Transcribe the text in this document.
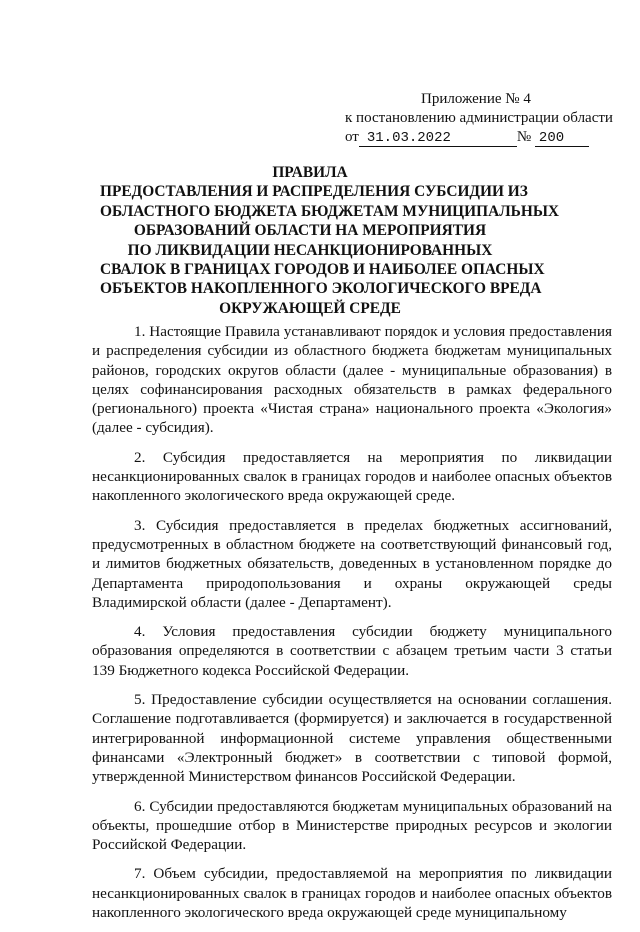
Приложение № 4
к постановлению администрации области
от 31.03.2022	№ 200
ПРАВИЛА
ПРЕДОСТАВЛЕНИЯ И РАСПРЕДЕЛЕНИЯ СУБСИДИИ ИЗ
ОБЛАСТНОГО БЮДЖЕТА БЮДЖЕТАМ МУНИЦИПАЛЬНЫХ
ОБРАЗОВАНИЙ ОБЛАСТИ НА МЕРОПРИЯТИЯ
ПО ЛИКВИДАЦИИ НЕСАНКЦИОНИРОВАННЫХ
СВАЛОК В ГРАНИЦАХ ГОРОДОВ И НАИБОЛЕЕ ОПАСНЫХ
ОБЪЕКТОВ НАКОПЛЕННОГО ЭКОЛОГИЧЕСКОГО ВРЕДА
ОКРУЖАЮЩЕЙ СРЕДЕ

1. Настоящие Правила устанавливают порядок и условия предоставления и распределения субсидии из областного бюджета бюджетам муниципальных районов, городских округов области (далее - муниципальные образования) в целях софинансирования расходных обязательств в рамках федерального (регионального) проекта «Чистая страна» национального проекта «Экология» (далее - субсидия).

2. Субсидия предоставляется на мероприятия по ликвидации несанкционированных свалок в границах городов и наиболее опасных объектов накопленного экологического вреда окружающей среде.

3. Субсидия предоставляется в пределах бюджетных ассигнований, предусмотренных в областном бюджете на соответствующий финансовый год, и лимитов бюджетных обязательств, доведенных в установленном порядке до Департамента природопользования и охраны окружающей среды Владимирской области (далее - Департамент).

4. Условия предоставления субсидии бюджету муниципального образования определяются в соответствии с абзацем третьим части 3 статьи 139 Бюджетного кодекса Российской Федерации.

5. Предоставление субсидии осуществляется на основании соглашения. Соглашение подготавливается (формируется) и заключается в государственной интегрированной информационной системе управления общественными финансами «Электронный бюджет» в соответствии с типовой формой, утвержденной Министерством финансов Российской Федерации.

6. Субсидии предоставляются бюджетам муниципальных образований на объекты, прошедшие отбор в Министерстве природных ресурсов и экологии Российской Федерации.

7. Объем субсидии, предоставляемой на мероприятия по ликвидации несанкционированных свалок в границах городов и наиболее опасных объектов накопленного экологического вреда окружающей среде муниципальному
